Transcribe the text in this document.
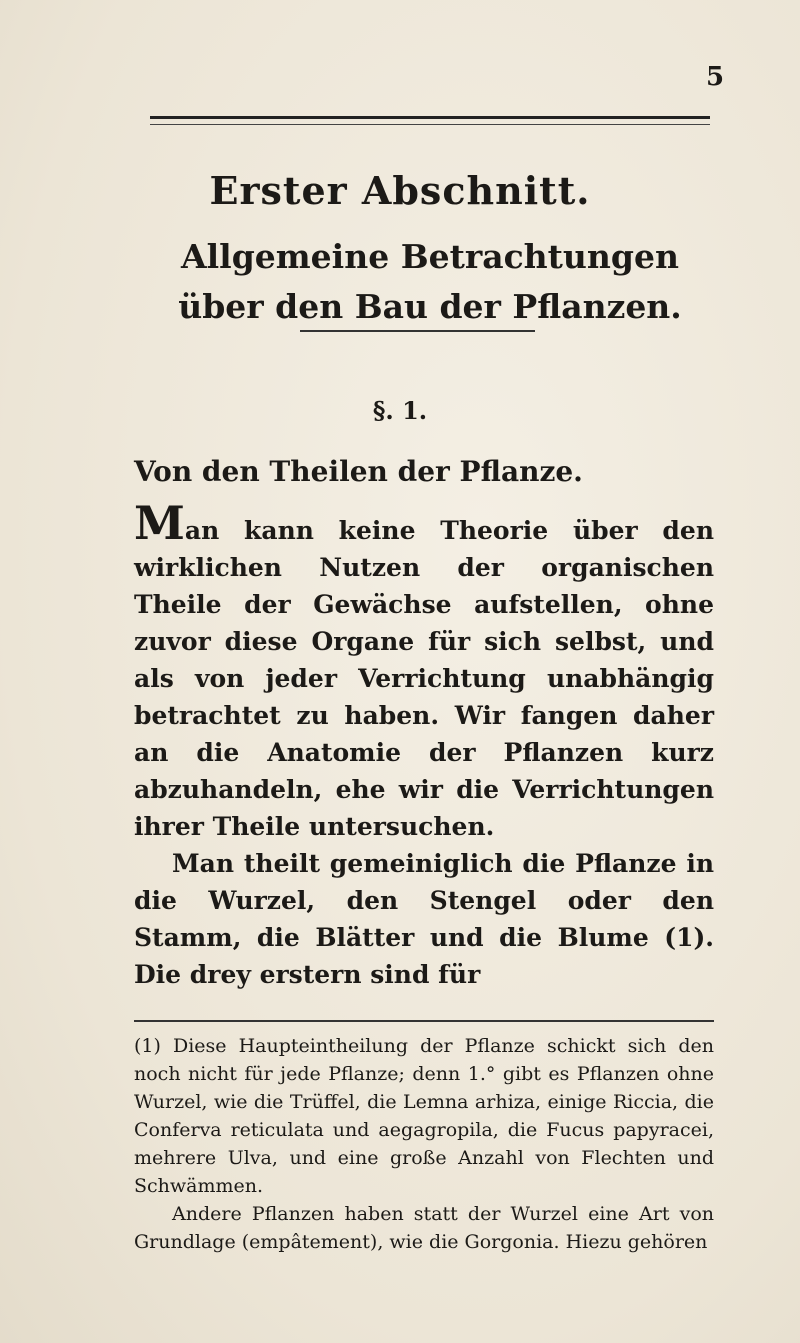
5
Erster Abschnitt.
Allgemeine Betrachtungen über den Bau der Pflanzen.
§. 1.
Von den Theilen der Pflanze.

Man kann keine Theorie über den wirklichen Nutzen der organischen Theile der Gewächse aufstellen, ohne zuvor diese Organe für sich selbst, und als von jeder Verrichtung unabhängig betrachtet zu haben. Wir fangen daher an die Anatomie der Pflanzen kurz abzuhandeln, ehe wir die Verrichtungen ihrer Theile untersuchen.

Man theilt gemeiniglich die Pflanze in die Wurzel, den Stengel oder den Stamm, die Blätter und die Blume (1). Die drey erstern sind für

(1) Diese Haupteintheilung der Pflanze schickt sich den noch nicht für jede Pflanze; denn 1.° gibt es Pflanzen ohne Wurzel, wie die Trüffel, die Lemna arhiza, einige Riccia, die Conferva reticulata und aegagropila, die Fucus papyracei, mehrere Ulva, und eine große Anzahl von Flechten und Schwämmen.

Andere Pflanzen haben statt der Wurzel eine Art von Grundlage (empâtement), wie die Gorgonia. Hiezu gehören
